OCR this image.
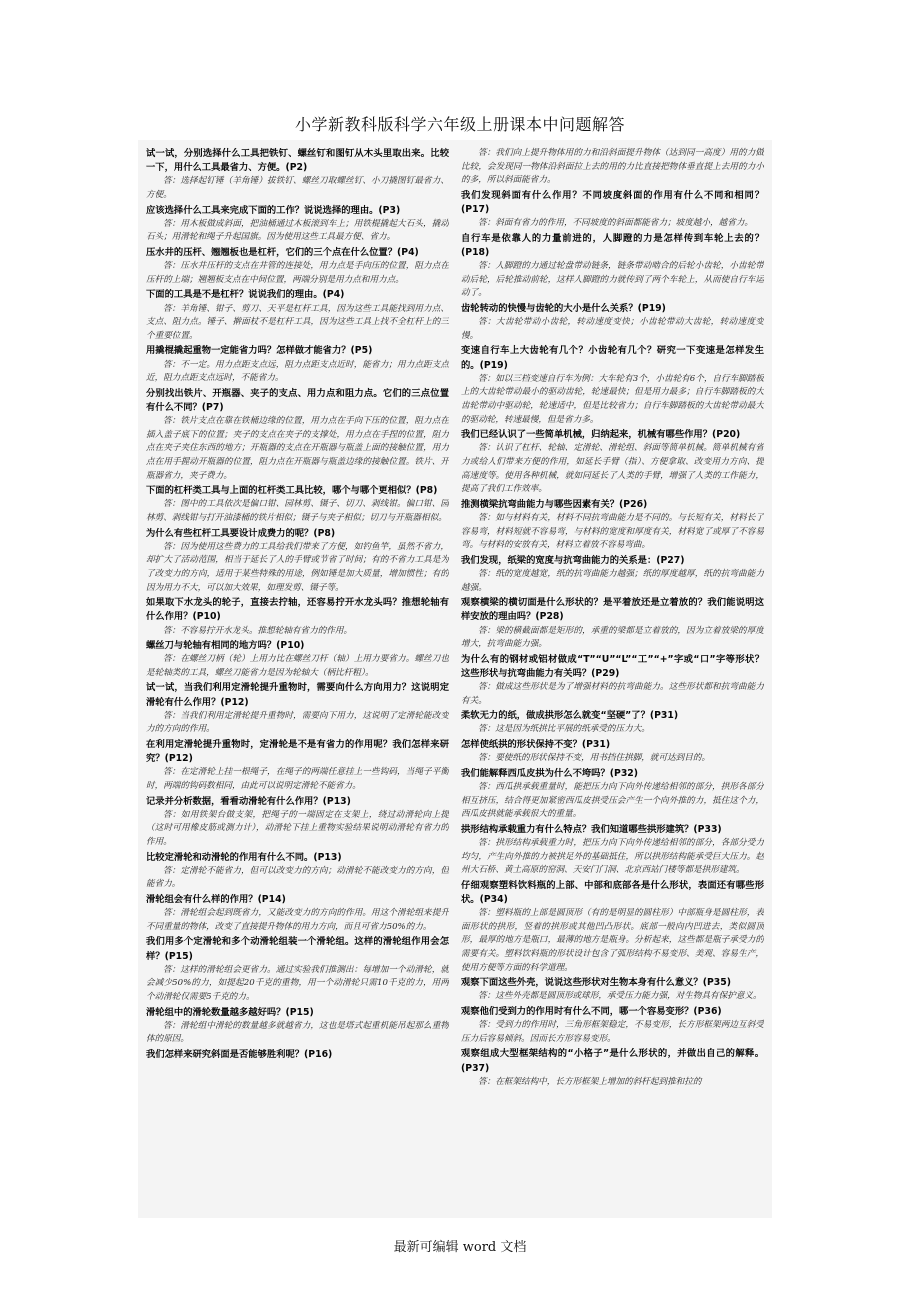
小学新教科版科学六年级上册课本中问题解答

试一试，分别选择什么工具把铁钉、螺丝钉和图钉从木头里取出来。比较一下，用什么工具最省力、方便。(P2)

答：选择起钉锤（羊角锤）拔铁钉、螺丝刀取螺丝钉、小刀撬图钉最省力、方便。

应该选择什么工具来完成下面的工作？说说选择的理由。(P3)

答：用木板做成斜面，把油桶通过木板滚到车上；用铁棍撬起大石头，撬动石头；用滑轮和绳子升起国旗。因为使用这些工具最方便、省力。

压水井的压杆、翘翘板也是杠杆，它们的三个点在什么位置？(P4)

答：压水井压杆的支点在井管的连接处，用力点是手向压的位置，阻力点在压杆的上端；翘翘板支点在中间位置，两端分别是用力点和用力点。

下面的工具是不是杠杆？说说我们的理由。(P4)

答：羊角锤、钳子、剪刀、天平是杠杆工具，因为这些工具能找到用力点、支点、阻力点。锤子、擀面杖不是杠杆工具，因为这些工具上找不全杠杆上的三个重要位置。

用撬棍撬起重物一定能省力吗？怎样做才能省力？(P5)

答：不一定。用力点距支点远，阻力点距支点近时，能省力；用力点距支点近，阻力点距支点远时，不能省力。

分别找出铁片、开瓶器、夹子的支点、用力点和阻力点。它们的三点位置有什么不同？(P7)

答：铁片支点在靠在铁桶边缘的位置，用力点在手向下压的位置，阻力点在插入盖子底下的位置；夹子的支点在夹子的支撑处，用力点在手捏的位置，阻力点在夹子夹住东西的地方；开瓶器的支点在开瓶器与瓶盖上面的接触位置，用力点在用手握动开瓶器的位置，阻力点在开瓶器与瓶盖边缘的接触位置。铁片、开瓶器省力，夹子费力。

下面的杠杆类工具与上面的杠杆类工具比较，哪个与哪个更相似？(P8)

答：图中的工具依次是偏口钳、园林剪、镊子、切刀、剥线钳。偏口钳、园林剪、剥线钳与打开油漆桶的铁片相似；镊子与夹子相似；切刀与开瓶器相似。

为什么有些杠杆工具要设计成费力的呢？(P8)

答：因为使用这些费力的工具给我们带来了方便，如钓鱼竿，虽然不省力，却扩大了活动范围，相当于延长了人的手臂或节省了时间；有的不省力工具是为了改变力的方向，适用于某些特殊的用途，例如锤是加大质量，增加惯性；有的因为用力不大，可以加大效果，如理发剪、镊子等。

如果取下水龙头的轮子，直接去拧轴，还容易拧开水龙头吗？推想轮轴有什么作用？(P10)

答：不容易拧开水龙头。推想轮轴有省力的作用。

螺丝刀与轮轴有相同的地方吗？(P10)

答：在螺丝刀柄（轮）上用力比在螺丝刀杆（轴）上用力要省力。螺丝刀也是轮轴类的工具，螺丝刀能省力是因为轮轴大（柄比杆粗）。

试一试，当我们利用定滑轮提升重物时，需要向什么方向用力？这说明定滑轮有什么作用？(P12)

答：当我们利用定滑轮提升重物时，需要向下用力，这说明了定滑轮能改变力的方向的作用。

在利用定滑轮提升重物时，定滑轮是不是有省力的作用呢？我们怎样来研究？(P12)

答：在定滑轮上挂一根绳子，在绳子的两端任意挂上一些钩码，当绳子平衡时，两端的钩码数相同，由此可以说明定滑轮不能省力。

记录并分析数据，看看动滑轮有什么作用？(P13)

答：如用铁架台做支架，把绳子的一端固定在支架上，绕过动滑轮向上提（这时可用橡皮筋或测力计），动滑轮下挂上重物实验结果说明动滑轮有省力的作用。

比较定滑轮和动滑轮的作用有什么不同。(P13)

答：定滑轮不能省力，但可以改变力的方向；动滑轮不能改变力的方向，但能省力。

滑轮组会有什么样的作用？(P14)

答：滑轮组会起到既省力，又能改变力的方向的作用。用这个滑轮组来提升不同重量的物体，改变了直接提升物体的用力方向，而且可省力50%的力。

我们用多个定滑轮和多个动滑轮组装一个滑轮组。这样的滑轮组作用会怎样？(P15)

答：这样的滑轮组会更省力。通过实验我们推测出：每增加一个动滑轮，就会减少50%的力，如提起20千克的重物，用一个动滑轮只需10千克的力，用两个动滑轮仅需要5千克的力。

滑轮组中的滑轮数量越多越好吗？(P15)

答：滑轮组中滑轮的数量越多就越省力，这也是塔式起重机能吊起那么重物体的原因。

我们怎样来研究斜面是否能够胜利呢？(P16)

答：我们向上提升物体用的力和沿斜面提升物体（达到同一高度）用的力做比较，会发现同一物体沿斜面拉上去的用的力比直接把物体垂直提上去用的力小的多，所以斜面能省力。

我们发现斜面有什么作用？不同坡度斜面的作用有什么不同和相同？(P17)

答：斜面有省力的作用，不同坡度的斜面都能省力；坡度越小，越省力。

自行车是依靠人的力量前进的，人脚蹬的力是怎样传到车轮上去的？(P18)

答：人脚蹬的力通过轮盘带动链条，链条带动啮合的后轮小齿轮，小齿轮带动后轮，后轮推动前轮，这样人脚蹬的力就传到了两个车轮上，从而使自行车运动了。

齿轮转动的快慢与齿轮的大小是什么关系？(P19)

答：大齿轮带动小齿轮，转动速度变快；小齿轮带动大齿轮，转动速度变慢。

变速自行车上大齿轮有几个？小齿轮有几个？研究一下变速是怎样发生的。(P19)

答：如以三档变速自行车为例：大车轮有3个，小齿轮有6个，自行车脚踏板上的大齿轮带动最小的驱动齿轮，轮速最快；但是用力最多；自行车脚踏板的大齿轮带动中驱动轮，轮速适中，但是比较省力；自行车脚踏板的大齿轮带动最大的驱动轮，转速最慢，但是省力多。

我们已经认识了一些简单机械，归纳起来，机械有哪些作用？(P20)

答：认识了杠杆、轮轴、定滑轮、滑轮组、斜面等简单机械。简单机械有省力或给人们带来方便的作用，如延长手臂（指）、方便拿取、改变用力方向、提高速度等。使用各种机械，就如同延长了人类的手臂，增强了人类的工作能力，提高了我们工作效率。

推测横梁抗弯曲能力与哪些因素有关？(P26)

答：如与材料有关，材料不同抗弯曲能力是不同的。与长短有关，材料长了容易弯，材料短就不容易弯，与材料的宽度和厚度有关，材料宽了或厚了不容易弯。与材料的安放有关，材料立着放不容易弯曲。

我们发现，纸梁的宽度与抗弯曲能力的关系是：(P27)

答：纸的宽度越宽，纸的抗弯曲能力越强；纸的厚度越厚，纸的抗弯曲能力越强。

观察横梁的横切面是什么形状的？是平着放还是立着放的？我们能说明这样安放的理由吗？(P28)

答：梁的横截面都是矩形的，承重的梁都是立着放的，因为立着放梁的厚度增大，抗弯曲能力强。

为什么有的钢材或铝材做成“T”“U”“L”“工”“+”字或“口”字等形状？这些形状与抗弯曲能力有关吗？(P29)

答：做成这些形状是为了增强材料的抗弯曲能力。这些形状都和抗弯曲能力有关。

柔软无力的纸，做成拱形怎么就变“坚硬”了？(P31)

答：这是因为纸拱比平展的纸承受的压力大。

怎样使纸拱的形状保持不变？(P31)

答：要使纸的形状保持不变，用书挡住拱脚，就可达到目的。

我们能解释西瓜皮拱为什么不垮吗？(P32)

答：西瓜拱承载重量时，能把压力向下向外传递给相邻的部分，拱形各部分相互挤压，结合得更加紧密西瓜皮拱受压会产生一个向外推的力，抵住这个力，西瓜皮拱就能承载很大的重量。

拱形结构承载重力有什么特点？我们知道哪些拱形建筑？(P33)

答：拱形结构承载重力时，把压力向下向外传递给相邻的部分，各部分受力均匀，产生向外推的力被拱足外的基础抵住，所以拱形结构能承受巨大压力。赵州大石桥、黄土高原的窑洞、天安门门洞、北京西站门楼等都是拱形建筑。

仔细观察塑料饮料瓶的上部、中部和底部各是什么形状，表面还有哪些形状。(P34)

答：塑料瓶的上部是圆顶形（有的是明显的圆柱形）中部瓶身是圆柱形，表面形状的拱形，竖着的拱形或其他凹凸形状。底部一般向内凹进去，类似圆顶形，最厚的地方是瓶口，最薄的地方是瓶身。分析起来，这些都是瓶子承受力的需要有关。塑料饮料瓶的形状设计包含了弧形结构不易变形、美观、容易生产，使用方便等方面的科学道理。

观察下面这些外壳，说说这些形状对生物本身有什么意义？(P35)

答：这些外壳都是圆顶形或球形，承受压力能力强，对生物具有保护意义。

观察他们受到力的作用时有什么不同，哪一个容易变形？(P36)

答：受到力的作用时，三角形框架稳定，不易变形，长方形框架两边互斜受压力后容易倾斜。因而长方形容易变形。

观察组成大型框架结构的“小格子”是什么形状的，并做出自己的解释。(P37)

答：在框架结构中，长方形框架上增加的斜杆起到推和拉的

最新可编辑 word 文档
